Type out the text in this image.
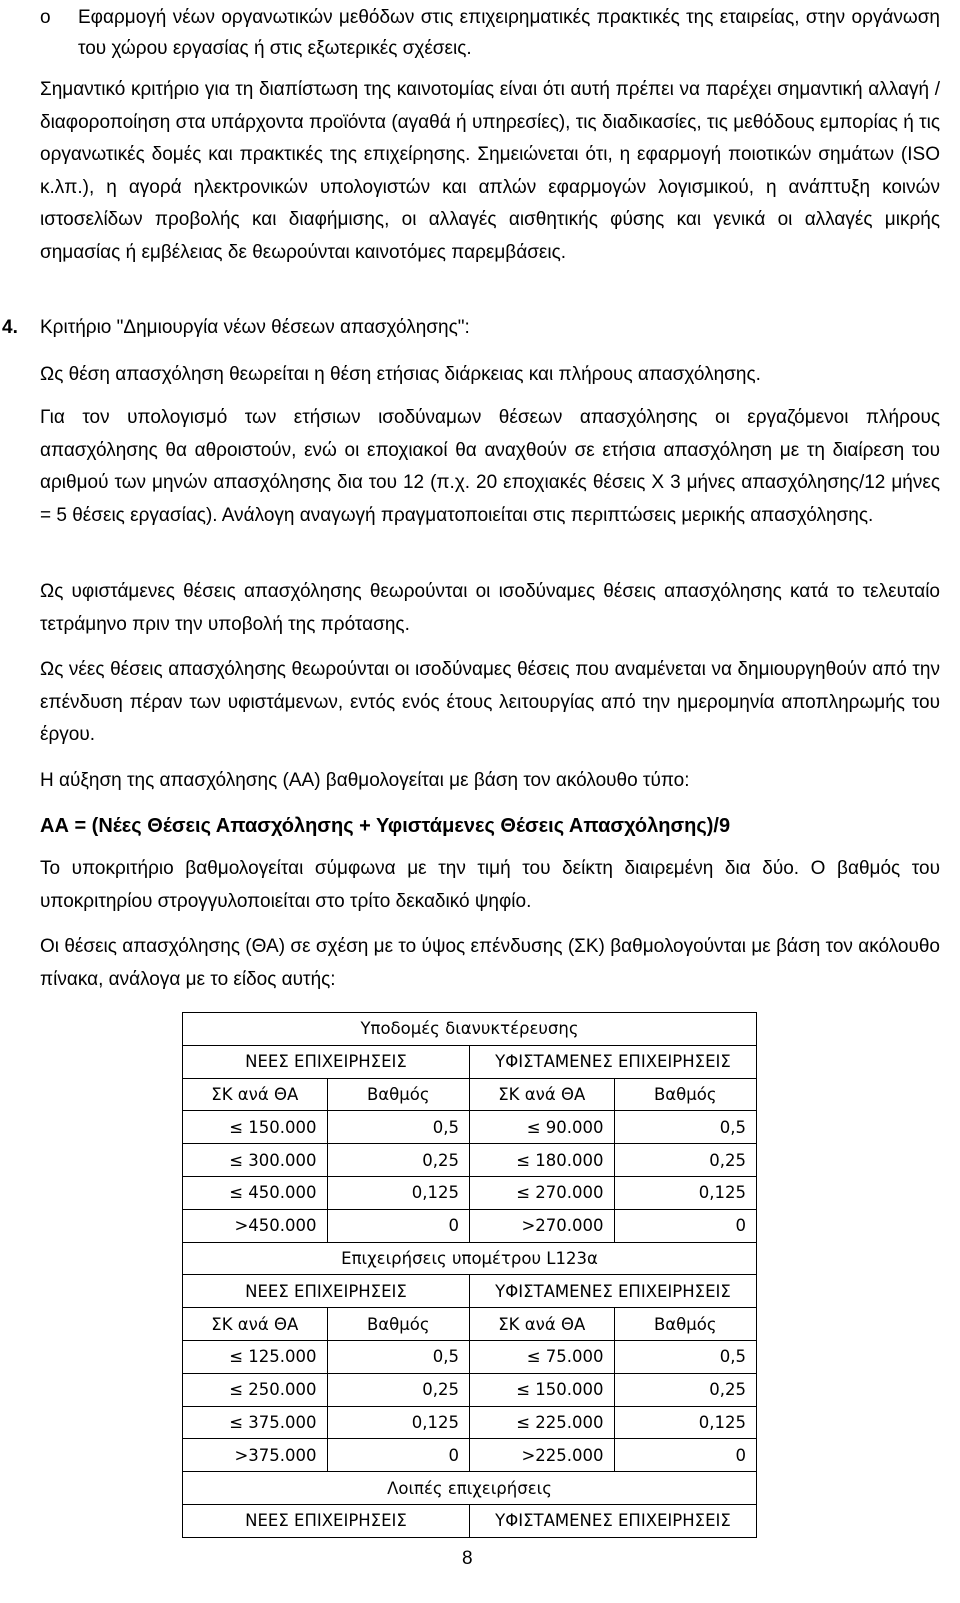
o	Εφαρμογή νέων οργανωτικών μεθόδων στις επιχειρηματικές πρακτικές της εταιρείας, στην οργάνωση του χώρου εργασίας ή στις εξωτερικές σχέσεις.
Σημαντικό κριτήριο για τη διαπίστωση της καινοτομίας είναι ότι αυτή πρέπει να παρέχει σημαντική αλλαγή / διαφοροποίηση στα υπάρχοντα προϊόντα (αγαθά ή υπηρεσίες), τις διαδικασίες, τις μεθόδους εμπορίας ή τις οργανωτικές δομές και πρακτικές της επιχείρησης. Σημειώνεται ότι, η εφαρμογή ποιοτικών σημάτων (ISO κ.λπ.), η αγορά ηλεκτρονικών υπολογιστών και απλών εφαρμογών λογισμικού, η ανάπτυξη κοινών ιστοσελίδων προβολής και διαφήμισης, οι αλλαγές αισθητικής φύσης και γενικά οι αλλαγές μικρής σημασίας ή εμβέλειας δε θεωρούνται καινοτόμες παρεμβάσεις.
4. Κριτήριο "Δημιουργία νέων θέσεων απασχόλησης":
Ως θέση απασχόληση θεωρείται η θέση ετήσιας διάρκειας και πλήρους απασχόλησης.
Για τον υπολογισμό των ετήσιων ισοδύναμων θέσεων απασχόλησης οι εργαζόμενοι πλήρους απασχόλησης θα αθροιστούν, ενώ οι εποχιακοί θα αναχθούν σε ετήσια απασχόληση με τη διαίρεση του αριθμού των μηνών απασχόλησης δια του 12 (π.χ. 20 εποχιακές θέσεις Χ 3 μήνες απασχόλησης/12 μήνες = 5 θέσεις εργασίας). Ανάλογη αναγωγή πραγματοποιείται στις περιπτώσεις μερικής απασχόλησης.
Ως υφιστάμενες θέσεις απασχόλησης θεωρούνται οι ισοδύναμες θέσεις απασχόλησης κατά το τελευταίο τετράμηνο πριν την υποβολή της πρότασης.
Ως νέες θέσεις απασχόλησης θεωρούνται οι ισοδύναμες θέσεις που αναμένεται να δημιουργηθούν από την επένδυση πέραν των υφιστάμενων, εντός ενός έτους λειτουργίας από την ημερομηνία αποπληρωμής του έργου.
Η αύξηση της απασχόλησης (ΑΑ) βαθμολογείται με βάση τον ακόλουθο τύπο:
ΑΑ = (Νέες Θέσεις Απασχόλησης + Υφιστάμενες Θέσεις Απασχόλησης)/9
Το υποκριτήριο βαθμολογείται σύμφωνα με την τιμή του δείκτη διαιρεμένη δια δύο. Ο βαθμός του υποκριτηρίου στρογγυλοποιείται στο τρίτο δεκαδικό ψηφίο.
Οι θέσεις απασχόλησης (ΘΑ) σε σχέση με το ύψος επένδυσης (ΣΚ) βαθμολογούνται με βάση τον ακόλουθο πίνακα, ανάλογα με το είδος αυτής:
Υποδομές διανυκτέρευσης			
ΝΕΕΣ ΕΠΙΧΕΙΡΗΣΕΙΣ		ΥΦΙΣΤΑΜΕΝΕΣ ΕΠΙΧΕΙΡΗΣΕΙΣ	
ΣΚ ανά ΘΑ	Βαθμός	ΣΚ ανά ΘΑ	Βαθμός
≤ 150.000	0,5	≤ 90.000	0,5
≤ 300.000	0,25	≤ 180.000	0,25
≤ 450.000	0,125	≤ 270.000	0,125
>450.000	0	>270.000	0
Επιχειρήσεις υπομέτρου L123α			
ΝΕΕΣ ΕΠΙΧΕΙΡΗΣΕΙΣ		ΥΦΙΣΤΑΜΕΝΕΣ ΕΠΙΧΕΙΡΗΣΕΙΣ	
ΣΚ ανά ΘΑ	Βαθμός	ΣΚ ανά ΘΑ	Βαθμός
≤ 125.000	0,5	≤ 75.000	0,5
≤ 250.000	0,25	≤ 150.000	0,25
≤ 375.000	0,125	≤ 225.000	0,125
>375.000	0	>225.000	0
Λοιπές επιχειρήσεις			
ΝΕΕΣ ΕΠΙΧΕΙΡΗΣΕΙΣ		ΥΦΙΣΤΑΜΕΝΕΣ ΕΠΙΧΕΙΡΗΣΕΙΣ	
8
